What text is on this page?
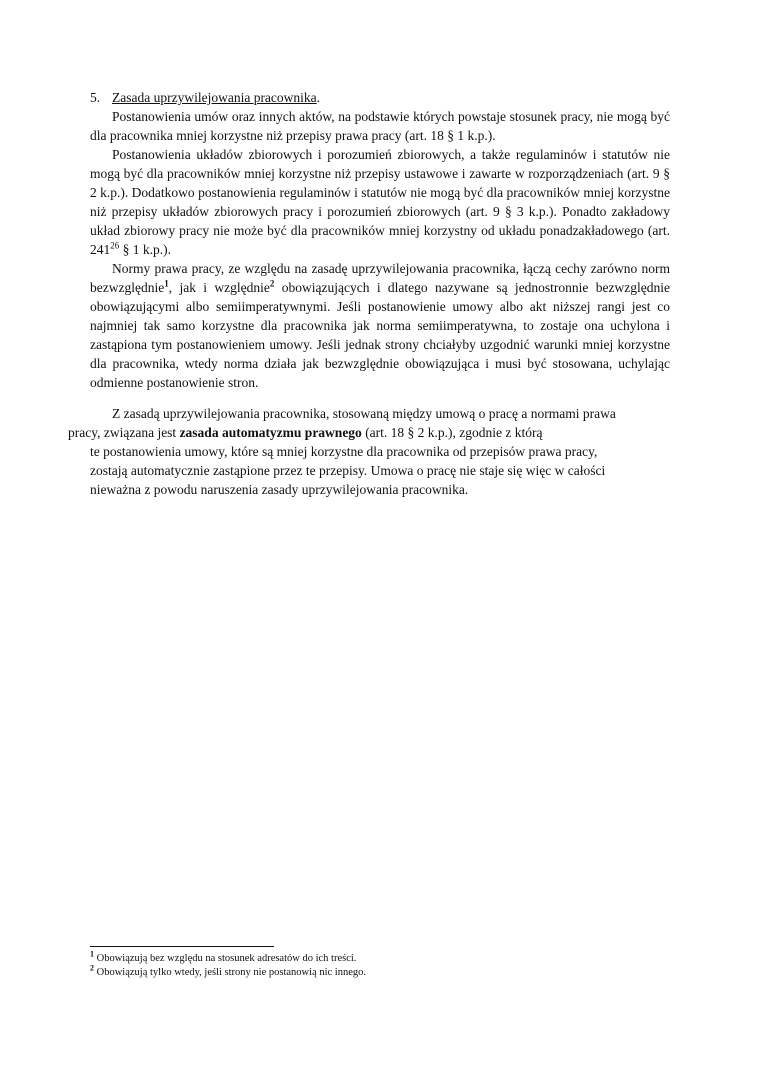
5. Zasada uprzywilejowania pracownika.

Postanowienia umów oraz innych aktów, na podstawie których powstaje stosunek pracy, nie mogą być dla pracownika mniej korzystne niż przepisy prawa pracy (art. 18 § 1 k.p.).

Postanowienia układów zbiorowych i porozumień zbiorowych, a także regulaminów i statutów nie mogą być dla pracowników mniej korzystne niż przepisy ustawowe i zawarte w rozporządzeniach (art. 9 § 2 k.p.). Dodatkowo postanowienia regulaminów i statutów nie mogą być dla pracowników mniej korzystne niż przepisy układów zbiorowych pracy i porozumień zbiorowych (art. 9 § 3 k.p.). Ponadto zakładowy układ zbiorowy pracy nie może być dla pracowników mniej korzystny od układu ponadzakładowego (art. $241^{26}$ § 1 k.p.).

Normy prawa pracy, ze względu na zasadę uprzywilejowania pracownika, łączą cechy zarówno norm bezwzględnie$^1$, jak i względnie$^2$ obowiązujących i dlatego nazywane są jednostronnie bezwzględnie obowiązującymi albo semiimperatywnymi. Jeśli postanowienie umowy albo akt niższej rangi jest co najmniej tak samo korzystne dla pracownika jak norma semiimperatywna, to zostaje ona uchylona i zastąpiona tym postanowieniem umowy. Jeśli jednak strony chciałyby uzgodnić warunki mniej korzystne dla pracownika, wtedy norma działa jak bezwzględnie obowiązująca i musi być stosowana, uchylając odmienne postanowienie stron.

Z zasadą uprzywilejowania pracownika, stosowaną między umową o pracę a normami prawa
pracy, związana jest zasada automatyzmu prawnego (art. 18 § 2 k.p.), zgodnie z którą
te postanowienia umowy, które są mniej korzystne dla pracownika od przepisów prawa pracy,
zostają automatycznie zastąpione przez te przepisy. Umowa o pracę nie staje się więc w całości
nieważna z powodu naruszenia zasady uprzywilejowania pracownika.

$^1$ Obowiązują bez względu na stosunek adresatów do ich treści.
$^2$ Obowiązują tylko wtedy, jeśli strony nie postanowią nic innego.
